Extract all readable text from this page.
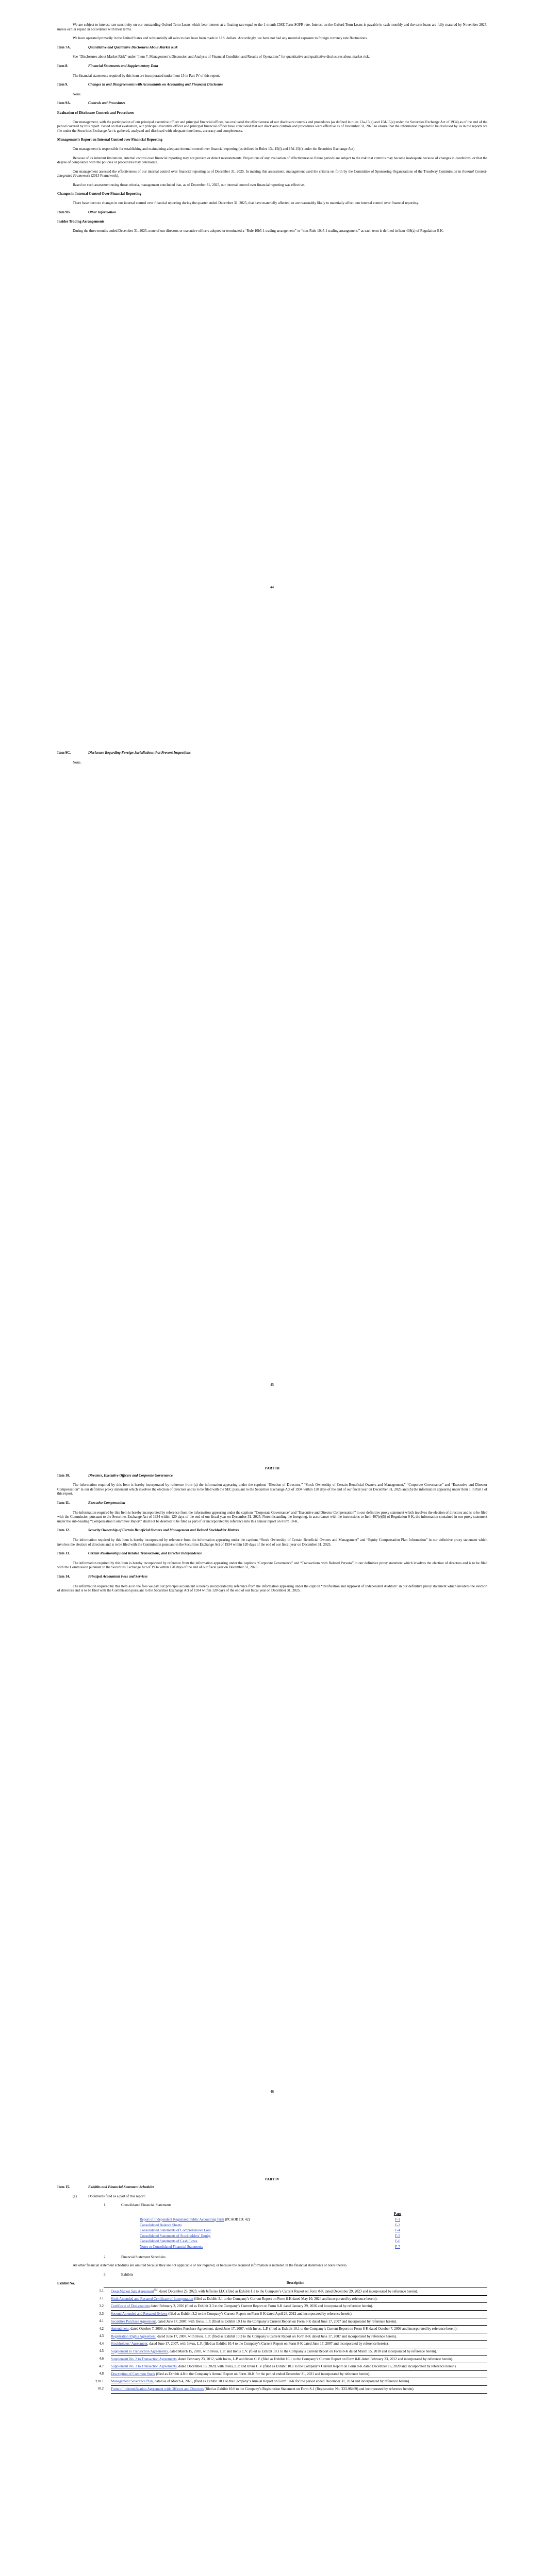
We are subject to interest rate sensitivity on our outstanding Oxford Term Loans which bear interest at a floating rate equal to the 1-month CME Term SOFR rate. Interest on the Oxford Term Loans is payable in cash monthly and the term loans are fully matured by November 2027, unless earlier repaid in accordance with their terms.

We have operated primarily in the United States and substantially all sales to date have been made in U.S. dollars. Accordingly, we have not had any material exposure to foreign currency rate fluctuations.

Item 7A.	Quantitative and Qualitative Disclosures About Market Risk

See “Disclosures about Market Risk” under “Item 7. Management’s Discussion and Analysis of Financial Condition and Results of Operations” for quantitative and qualitative disclosures about market risk.

Item 8.	Financial Statements and Supplementary Data

The financial statements required by this item are incorporated under Item 15 in Part IV of this report.

Item 9.	Changes in and Disagreements with Accountants on Accounting and Financial Disclosure

None.

Item 9A.	Controls and Procedures
Evaluation of Disclosure Controls and Procedures

Our management, with the participation of our principal executive officer and principal financial officer, has evaluated the effectiveness of our disclosure controls and procedures (as defined in rules 13a-15(e) and 15d-15(e) under the Securities Exchange Act of 1934) as of the end of the period covered by this report. Based on that evaluation, our principal executive officer and principal financial officer have concluded that our disclosure controls and procedures were effective as of December 31, 2025 to ensure that the information required to be disclosed by us in the reports we file under the Securities Exchange Act is gathered, analyzed and disclosed with adequate timeliness, accuracy and completeness.

Management’s Report on Internal Control over Financial Reporting

Our management is responsible for establishing and maintaining adequate internal control over financial reporting (as defined in Rules 13a-15(f) and 15d-15(f) under the Securities Exchange Act).

Because of its inherent limitations, internal control over financial reporting may not prevent or detect misstatements. Projections of any evaluation of effectiveness to future periods are subject to the risk that controls may become inadequate because of changes in conditions, or that the degree of compliance with the policies or procedures may deteriorate.

Our management assessed the effectiveness of our internal control over financial reporting as of December 31, 2025. In making this assessment, management used the criteria set forth by the Committee of Sponsoring Organizations of the Treadway Commission in Internal Control-Integrated Framework (2013 Framework).

Based on such assessment using those criteria, management concluded that, as of December 31, 2025, our internal control over financial reporting was effective.

Changes in Internal Control Over Financial Reporting

There have been no changes in our internal control over financial reporting during the quarter ended December 31, 2025, that have materially affected, or are reasonably likely to materially affect, our internal control over financial reporting.

Item 9B.	Other Information
Insider Trading Arrangements

During the three months ended December 31, 2025, none of our directors or executive officers adopted or terminated a “Rule 10b5-1 trading arrangement” or “non-Rule 10b5-1 trading arrangement,” as each term is defined in Item 408(a) of Regulation S-K.

44
Item 9C.	Disclosure Regarding Foreign Jurisdictions that Prevent Inspections

None.

45
PART III
Item 10.	Directors, Executive Officers and Corporate Governance

The information required by this Item is hereby incorporated by reference from (a) the information appearing under the captions “Election of Directors,” “Stock Ownership of Certain Beneficial Owners and Management,” “Corporate Governance” and “Executive and Director Compensation” in our definitive proxy statement which involves the election of directors and is to be filed with the SEC pursuant to the Securities Exchange Act of 1934 within 120 days of the end of our fiscal year on December 31, 2025 and (b) the information appearing under Item 1 in Part I of this report.

Item 11.	Executive Compensation

The information required by this Item is hereby incorporated by reference from the information appearing under the captions “Corporate Governance” and “Executive and Director Compensation” in our definitive proxy statement which involves the election of directors and is to be filed with the Commission pursuant to the Securities Exchange Act of 1934 within 120 days of the end of our fiscal year on December 31, 2025. Notwithstanding the foregoing, in accordance with the instructions to Item 407(e)(5) of Regulation S-K, the information contained in our proxy statement under the sub-heading “Compensation Committee Report” shall not be deemed to be filed as part of or incorporated by reference into this annual report on Form 10-K.

Item 12.	Security Ownership of Certain Beneficial Owners and Management and Related Stockholder Matters

The information required by this Item is hereby incorporated by reference from the information appearing under the captions “Stock Ownership of Certain Beneficial Owners and Management” and “Equity Compensation Plan Information” in our definitive proxy statement which involves the election of directors and is to be filed with the Commission pursuant to the Securities Exchange Act of 1934 within 120 days of the end of our fiscal year on December 31, 2025.

Item 13.	Certain Relationships and Related Transactions, and Director Independence

The information required by this Item is hereby incorporated by reference from the information appearing under the captions “Corporate Governance” and “Transactions with Related Persons” in our definitive proxy statement which involves the election of directors and is to be filed with the Commission pursuant to the Securities Exchange Act of 1934 within 120 days of the end of our fiscal year on December 31, 2025.

Item 14.	Principal Accountant Fees and Services

The information required by this Item as to the fees we pay our principal accountant is hereby incorporated by reference from the information appearing under the caption “Ratification and Approval of Independent Auditors” in our definitive proxy statement which involves the election of directors and is to be filed with the Commission pursuant to the Securities Exchange Act of 1934 within 120 days of the end of our fiscal year on December 31, 2025.

46
PART IV
Item 15.	Exhibits and Financial Statement Schedules
(a)	Documents filed as a part of this report:
1.	Consolidated Financial Statements
	Page
Report of Independent Registered Public Accounting Firm (PCAOB ID: 42)	F-1
Consolidated Balance Sheets	F-3
Consolidated Statements of Comprehensive Loss	F-4
Consolidated Statements of Stockholders’ Equity	F-5
Consolidated Statements of Cash Flows	F-6
Notes to Consolidated Financial Statements	F-7
2.	Financial Statement Schedules

All other financial statement schedules are omitted because they are not applicable or not required, or because the required information is included in the financial statements or notes thereto.

3.	Exhibits
Exhibit No.	Description
1.1	Open Market Sale Agreement℠, dated December 29, 2023, with Jefferies LLC (filed as Exhibit 1.1 to the Company’s Current Report on Form 8-K dated December 29, 2023 and incorporated by reference herein).
3.1	Sixth Amended and Restated Certificate of Incorporation (filed as Exhibit 3.1 to the Company’s Current Report on Form 8-K dated May 10, 2024 and incorporated by reference herein).
3.2	Certificate of Designations dated February 2, 2026 (filed as Exhibit 3.3 to the Company’s Current Report on Form 8-K dated January 29, 2026 and incorporated by reference herein).
3.3	Second Amended and Restated Bylaws (filed as Exhibit 3.2 to the Company’s Current Report on Form 8-K dated April 26, 2012 and incorporated by reference herein).
4.1	Securities Purchase Agreement, dated June 17, 2007, with Invus, L.P. (filed as Exhibit 10.1 to the Company’s Current Report on Form 8-K dated June 17, 2007 and incorporated by reference herein).
4.2	Amendment, dated October 7, 2009, to Securities Purchase Agreement, dated June 17, 2007, with Invus, L.P. (filed as Exhibit 10.1 to the Company’s Current Report on Form 8-K dated October 7, 2009 and incorporated by reference herein).
4.3	Registration Rights Agreement, dated June 17, 2007, with Invus, L.P. (filed as Exhibit 10.3 to the Company’s Current Report on Form 8-K dated June 17, 2007 and incorporated by reference herein).
4.4	Stockholders’ Agreement, dated June 17, 2007, with Invus, L.P. (filed as Exhibit 10.4 to the Company’s Current Report on Form 8-K dated June 17, 2007 and incorporated by reference herein).
4.5	Supplement to Transaction Agreements, dated March 15, 2010, with Invus, L.P. and Invus C.V. (filed as Exhibit 10.1 to the Company’s Current Report on Form 8-K dated March 15, 2010 and incorporated by reference herein).
4.6	Supplement No. 2 to Transaction Agreements, dated February 23, 2012, with Invus, L.P. and Invus C.V. (filed as Exhibit 10.1 to the Company’s Current Report on Form 8-K dated February 23, 2012 and incorporated by reference herein).
4.7	Supplement No. 3 to Transaction Agreements, dated December 16, 2020, with Invus, L.P. and Invus C.V. (filed as Exhibit 10.1 to the Company’s Current Report on Form 8-K dated December 16, 2020 and incorporated by reference herein).
4.8	Description of Common Stock (filed as Exhibit 4.8 to the Company’s Annual Report on Form 10-K for the period ended December 31, 2021 and incorporated by reference herein).
†10.1	Management Severance Plan, dated as of March 4, 2025, (filed as Exhibit 10.1 to the Company’s Annual Report on Form 10-K for the period ended December 31, 2024 and incorporated by reference herein).
10.2	Form of Indemnification Agreement with Officers and Directors (filed as Exhibit 10.6 to the Company’s Registration Statement on Form S-1 (Registration No. 333-96469) and incorporated by reference herein).
